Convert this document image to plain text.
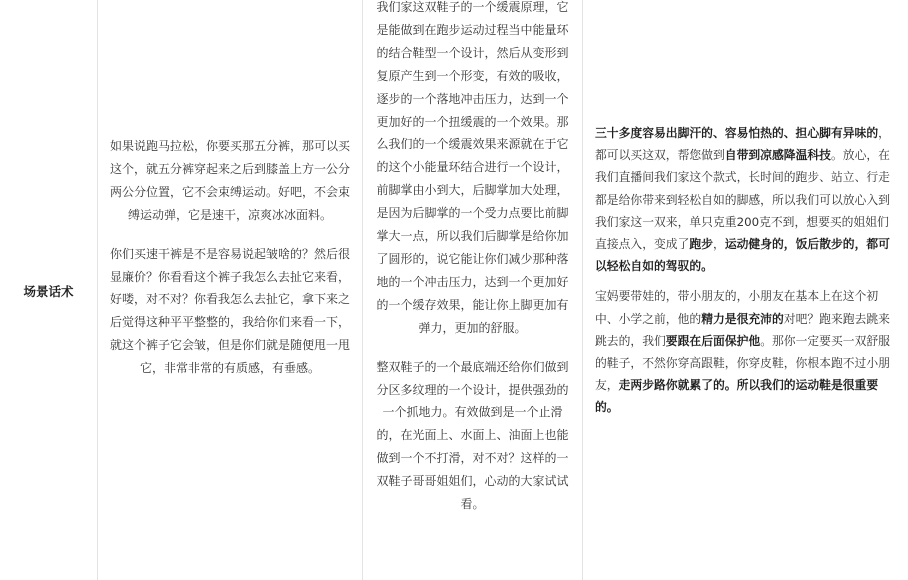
场景话术

如果说跑马拉松，你要买那五分裤，那可以买这个，就五分裤穿起来之后到膝盖上方一公分两公分位置，它不会束缚运动。好吧，不会束缚运动弹，它是速干，凉爽冰冰面料。

你们买速干裤是不是容易说起皱啥的？然后很显廉价？你看看这个裤子我怎么去扯它来看，好喽，对不对？你看我怎么去扯它，拿下来之后觉得这种平平整整的，我给你们来看一下，就这个裤子它会皱，但是你们就是随便甩一甩它，非常非常的有质感，有垂感。

我们家这双鞋子的一个缓震原理，它是能做到在跑步运动过程当中能量环的结合鞋型一个设计，然后从变形到复原产生到一个形变，有效的吸收，逐步的一个落地冲击压力，达到一个更加好的一个扭缓震的一个效果。那么我们的一个缓震效果来源就在于它的这个小能量环结合进行一个设计，前脚掌由小到大，后脚掌加大处理，是因为后脚掌的一个受力点要比前脚掌大一点，所以我们后脚掌是给你加了圆形的，说它能让你们减少那种落地的一个冲击压力，达到一个更加好的一个缓存效果，能让你上脚更加有弹力，更加的舒服。

整双鞋子的一个最底端还给你们做到分区多纹理的一个设计，提供强劲的一个抓地力。有效做到是一个止滑的，在光面上、水面上、油面上也能做到一个不打滑，对不对？这样的一双鞋子哥哥姐姐们，心动的大家试试看。

三十多度容易出脚汗的、容易怕热的、担心脚有异味的，都可以买这双，帮您做到自带到凉感降温科技。放心，在我们直播间我们家这个款式，长时间的跑步、站立、行走都是给你带来到轻松自如的脚感，所以我们可以放心入到我们家这一双来，单只克重200克不到，想要买的姐姐们直接点入，变成了跑步，运动健身的，饭后散步的，都可以轻松自如的驾驭的。

宝妈要带娃的，带小朋友的，小朋友在基本上在这个初中、小学之前，他的精力是很充沛的对吧？跑来跑去跳来跳去的，我们要跟在后面保护他。那你一定要买一双舒服的鞋子，不然你穿高跟鞋，你穿皮鞋，你根本跑不过小朋友，走两步路你就累了的。所以我们的运动鞋是很重要的。
